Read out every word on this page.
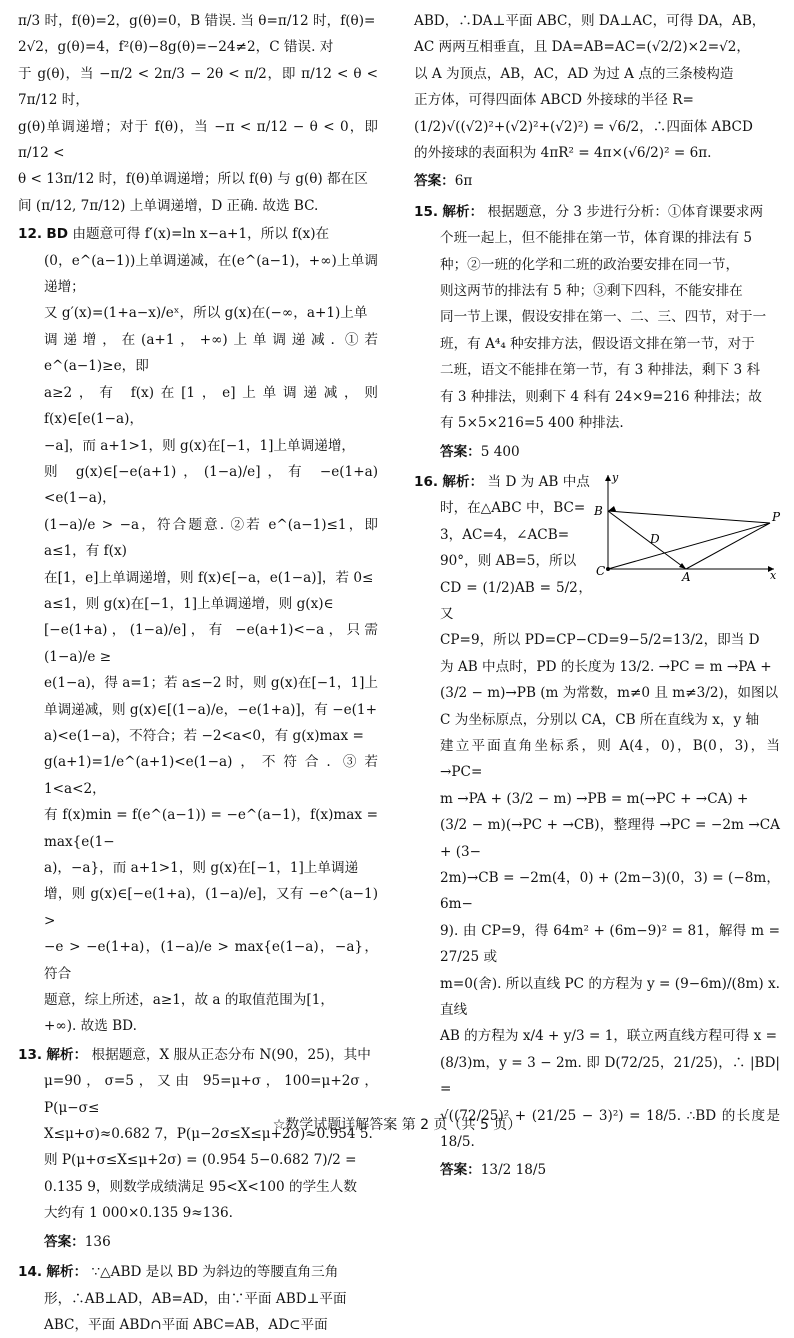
π/3 时，f(θ)=2，g(θ)=0，B 错误. 当 θ=π/12 时，f(θ)=

2√2，g(θ)=4，f²(θ)−8g(θ)=−24≠2，C 错误. 对

于 g(θ)，当 −π/2 < 2π/3 − 2θ < π/2，即 π/12 < θ < 7π/12 时，

g(θ)单调递增；对于 f(θ)，当 −π < π/12 − θ < 0，即 π/12 <

θ < 13π/12 时，f(θ)单调递增；所以 f(θ) 与 g(θ) 都在区

间 (π/12, 7π/12) 上单调递增，D 正确. 故选 BC.

12. BD 由题意可得 f′(x)=ln x−a+1，所以 f(x)在

(0，e^(a−1))上单调递减，在(e^(a−1)，+∞)上单调递增；

又 g′(x)=(1+a−x)/eˣ，所以 g(x)在(−∞，a+1)上单

调递增，在(a+1，+∞)上单调递减. ①若 e^(a−1)≥e，即

a≥2，有 f(x)在[1，e]上单调递减，则 f(x)∈[e(1−a)，

−a]，而 a+1>1，则 g(x)在[−1，1]上单调递增，

则 g(x)∈[−e(a+1)，(1−a)/e]，有 −e(1+a)<e(1−a)，

(1−a)/e > −a，符合题意. ②若 e^(a−1)≤1，即 a≤1，有 f(x)

在[1，e]上单调递增，则 f(x)∈[−a，e(1−a)]，若 0≤

a≤1，则 g(x)在[−1，1]上单调递增，则 g(x)∈

[−e(1+a)，(1−a)/e]，有 −e(a+1)<−a，只需 (1−a)/e ≥

e(1−a)，得 a=1；若 a≤−2 时，则 g(x)在[−1，1]上

单调递减，则 g(x)∈[(1−a)/e，−e(1+a)]，有 −e(1+

a)<e(1−a)，不符合；若 −2<a<0，有 g(x)max =

g(a+1)=1/e^(a+1)<e(1−a)，不符合. ③若 1<a<2，

有 f(x)min = f(e^(a−1)) = −e^(a−1)，f(x)max = max{e(1−

a)，−a}，而 a+1>1，则 g(x)在[−1，1]上单调递

增，则 g(x)∈[−e(1+a)，(1−a)/e]，又有 −e^(a−1) >

−e > −e(1+a)，(1−a)/e > max{e(1−a)，−a}，符合

题意，综上所述，a≥1，故 a 的取值范围为[1，

+∞). 故选 BD.

13. 解析： 根据题意，X 服从正态分布 N(90，25)，其中

μ=90，σ=5，又由 95=μ+σ，100=μ+2σ，P(μ−σ≤

X≤μ+σ)≈0.682 7，P(μ−2σ≤X≤μ+2σ)≈0.954 5.

则 P(μ+σ≤X≤μ+2σ) = (0.954 5−0.682 7)/2 =

0.135 9，则数学成绩满足 95<X<100 的学生人数

大约有 1 000×0.135 9≈136.

答案：136

14. 解析： ∵△ABD 是以 BD 为斜边的等腰直角三角

形，∴AB⊥AD，AB=AD，由∵平面 ABD⊥平面

ABC，平面 ABD∩平面 ABC=AB，AD⊂平面

ABD，∴DA⊥平面 ABC，则 DA⊥AC，可得 DA，AB，

AC 两两互相垂直，且 DA=AB=AC=(√2/2)×2=√2，

以 A 为顶点，AB，AC，AD 为过 A 点的三条棱构造

正方体，可得四面体 ABCD 外接球的半径 R=

(1/2)√((√2)²+(√2)²+(√2)²) = √6/2，∴四面体 ABCD

的外接球的表面积为 4πR² = 4π×(√6/2)² = 6π.

答案：6π

15. 解析： 根据题意，分 3 步进行分析：①体育课要求两

个班一起上，但不能排在第一节，体育课的排法有 5

种；②一班的化学和二班的政治要安排在同一节，

则这两节的排法有 5 种；③剩下四科，不能安排在

同一节上课，假设安排在第一、二、三、四节，对于一

班，有 A⁴₄ 种安排方法，假设语文排在第一节，对于

二班，语文不能排在第一节，有 3 种排法，剩下 3 科

有 3 种排法，则剩下 4 科有 24×9=216 种排法；故

有 5×5×216=5 400 种排法.

答案：5 400

y
B	P
D
C	A	x

16. 解析： 当 D 为 AB 中点

时，在△ABC 中，BC=

3，AC=4，∠ACB=

90°，则 AB=5，所以

CD = (1/2)AB = 5/2，又

CP=9，所以 PD=CP−CD=9−5/2=13/2，即当 D

为 AB 中点时，PD 的长度为 13/2. →PC = m →PA +

(3/2 − m)→PB (m 为常数，m≠0 且 m≠3/2)，如图以

C 为坐标原点，分别以 CA，CB 所在直线为 x，y 轴

建立平面直角坐标系，则 A(4，0)，B(0，3)，当 →PC=

m →PA + (3/2 − m) →PB = m(→PC + →CA) +

(3/2 − m)(→PC + →CB)，整理得 →PC = −2m →CA + (3−

2m)→CB = −2m(4，0) + (2m−3)(0，3) = (−8m，6m−

9). 由 CP=9，得 64m² + (6m−9)² = 81，解得 m = 27/25 或

m=0(舍). 所以直线 PC 的方程为 y = (9−6m)/(8m) x. 直线

AB 的方程为 x/4 + y/3 = 1，联立两直线方程可得 x =

(8/3)m，y = 3 − 2m. 即 D(72/25，21/25)，∴ |BD| =

√((72/25)² + (21/25 − 3)²) = 18/5. ∴BD 的长度是 18/5.

答案：13/2 18/5

☆数学试题详解答案 第 2 页（共 5 页）
